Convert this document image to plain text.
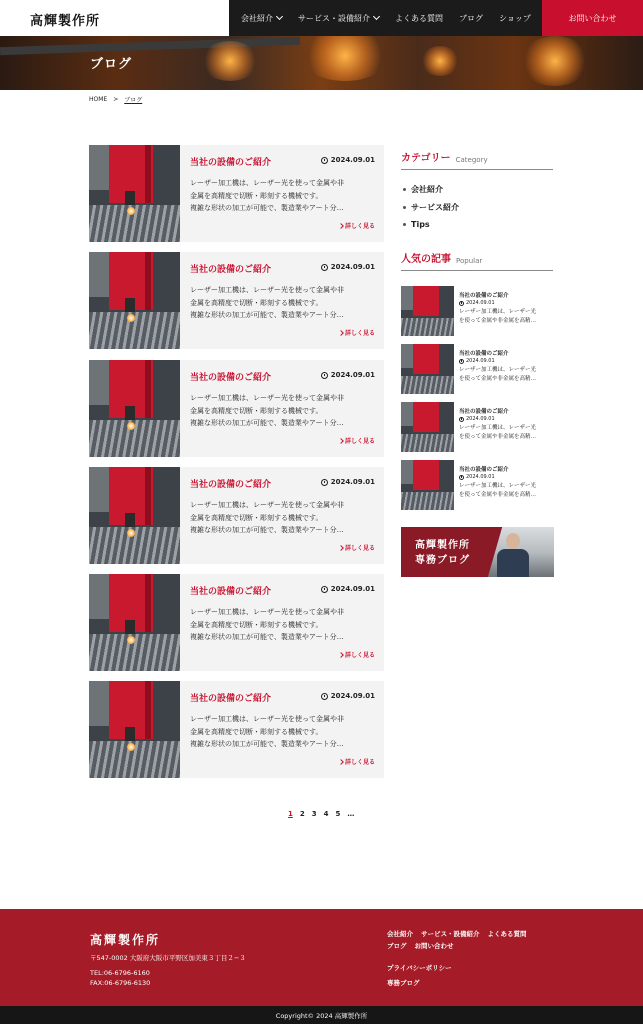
高輝製作所	会社紹介	サービス・設備紹介	よくある質問 ブログ ショップ	お問い合わせ
ブログ
HOME > ブログ
当社の設備のご紹介	2024.09.01
レーザー加工機は、レーザー光を使って金属や非
金属を高精度で切断・彫刻する機械です。
複雑な形状の加工が可能で、製造業やアート分…
詳しく見る
当社の設備のご紹介	2024.09.01
レーザー加工機は、レーザー光を使って金属や非
金属を高精度で切断・彫刻する機械です。
複雑な形状の加工が可能で、製造業やアート分…
詳しく見る
当社の設備のご紹介	2024.09.01
レーザー加工機は、レーザー光を使って金属や非
金属を高精度で切断・彫刻する機械です。
複雑な形状の加工が可能で、製造業やアート分…
詳しく見る
当社の設備のご紹介	2024.09.01
レーザー加工機は、レーザー光を使って金属や非
金属を高精度で切断・彫刻する機械です。
複雑な形状の加工が可能で、製造業やアート分…
詳しく見る
当社の設備のご紹介	2024.09.01
レーザー加工機は、レーザー光を使って金属や非
金属を高精度で切断・彫刻する機械です。
複雑な形状の加工が可能で、製造業やアート分…
詳しく見る
当社の設備のご紹介	2024.09.01
レーザー加工機は、レーザー光を使って金属や非
金属を高精度で切断・彫刻する機械です。
複雑な形状の加工が可能で、製造業やアート分…
詳しく見る
1 2 3 4 5 …
カテゴリー Category
会社紹介
サービス紹介
Tips
人気の記事 Popular
当社の設備のご紹介
2024.09.01
レーザー加工機は、レーザー光
を使って金属や非金属を高精…
当社の設備のご紹介
2024.09.01
レーザー加工機は、レーザー光
を使って金属や非金属を高精…
当社の設備のご紹介
2024.09.01
レーザー加工機は、レーザー光
を使って金属や非金属を高精…
当社の設備のご紹介
2024.09.01
レーザー加工機は、レーザー光
を使って金属や非金属を高精…
高輝製作所
専務ブログ
高輝製作所
〒547-0002 大阪府大阪市平野区加美東３丁目２−３
TEL:06-6796-6160
FAX:06-6796-6130
会社紹介 サービス・設備紹介 よくある質問
ブログ お問い合わせ
プライバシーポリシー
専務ブログ
Copyright© 2024 高輝製作所
